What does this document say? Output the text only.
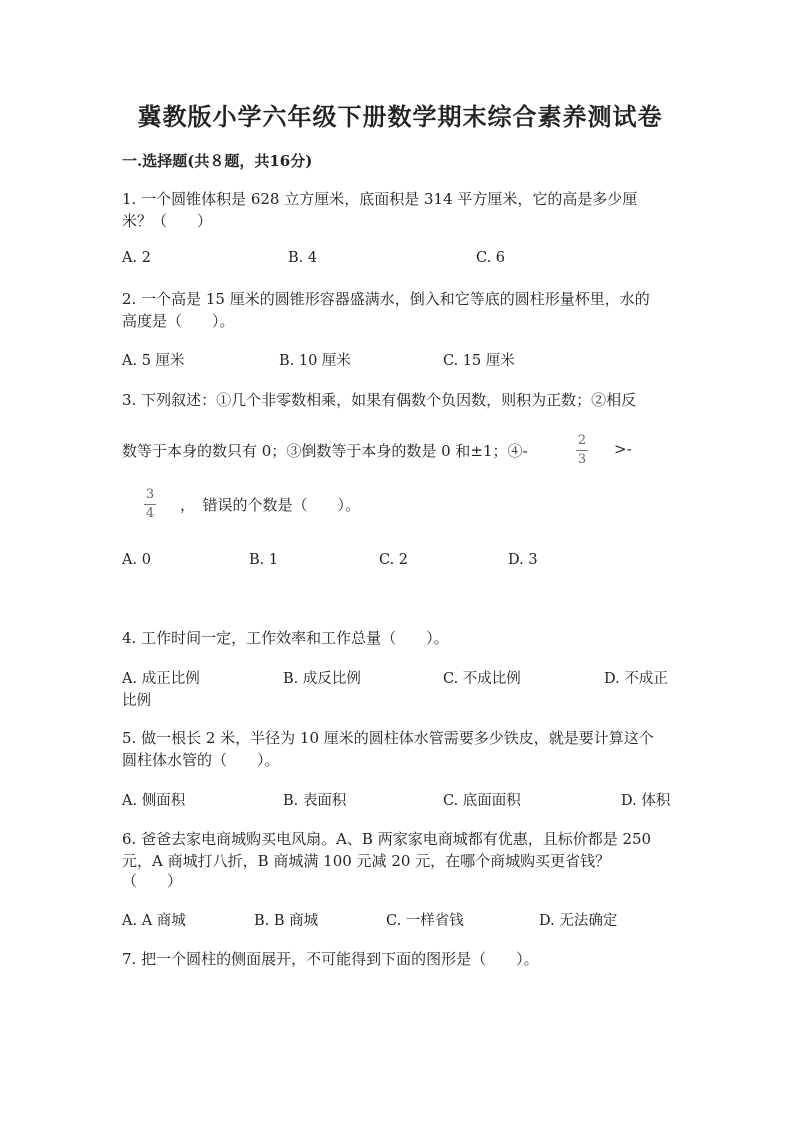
冀教版小学六年级下册数学期末综合素养测试卷
一.选择题(共８题，共16分)
1. 一个圆锥体积是 628 立方厘米，底面积是 314 平方厘米，它的高是多少厘
米？（　　）
A. 2	B. 4	C. 6
2. 一个高是 15 厘米的圆锥形容器盛满水，倒入和它等底的圆柱形量杯里，水的
高度是（　　）。
A. 5 厘米	B. 10 厘米	C. 15 厘米
3. 下列叙述：①几个非零数相乘，如果有偶数个负因数，则积为正数；②相反
数等于本身的数只有 0；③倒数等于本身的数是 0 和±1；④-
2
3
>-
3
4 ，　错误的个数是（　　）。
A. 0	B. 1	C. 2	D. 3
4. 工作时间一定，工作效率和工作总量（　　）。
A. 成正比例	B. 成反比例	C. 不成比例	D. 不成正
比例
5. 做一根长 2 米，半径为 10 厘米的圆柱体水管需要多少铁皮，就是要计算这个
圆柱体水管的（　　）。
A. 侧面积	B. 表面积	C. 底面面积	D. 体积
6. 爸爸去家电商城购买电风扇。A、B 两家家电商城都有优惠，且标价都是 250
元，A 商城打八折，B 商城满 100 元减 20 元，在哪个商城购买更省钱？
（　　）
A. A 商城	B. B 商城	C. 一样省钱	D. 无法确定
7. 把一个圆柱的侧面展开，不可能得到下面的图形是（　　）。
